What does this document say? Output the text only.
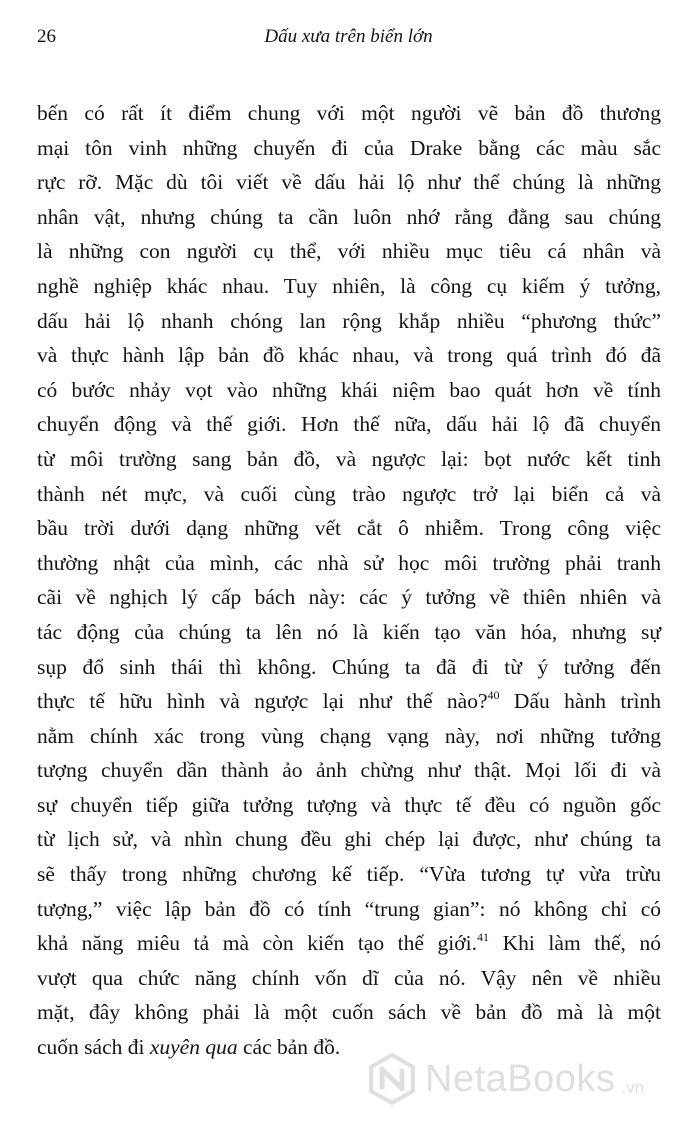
26	Dấu xưa trên biển lớn
bến có rất ít điểm chung với một người vẽ bản đồ thương
mại tôn vinh những chuyến đi của Drake bằng các màu sắc
rực rỡ. Mặc dù tôi viết về dấu hải lộ như thể chúng là những
nhân vật, nhưng chúng ta cần luôn nhớ rằng đằng sau chúng
là những con người cụ thể, với nhiều mục tiêu cá nhân và
nghề nghiệp khác nhau. Tuy nhiên, là công cụ kiếm ý tưởng,
dấu hải lộ nhanh chóng lan rộng khắp nhiều “phương thức”
và thực hành lập bản đồ khác nhau, và trong quá trình đó đã
có bước nhảy vọt vào những khái niệm bao quát hơn về tính
chuyển động và thế giới. Hơn thế nữa, dấu hải lộ đã chuyển
từ môi trường sang bản đồ, và ngược lại: bọt nước kết tinh
thành nét mực, và cuối cùng trào ngược trở lại biển cả và
bầu trời dưới dạng những vết cắt ô nhiễm. Trong công việc
thường nhật của mình, các nhà sử học môi trường phải tranh
cãi về nghịch lý cấp bách này: các ý tưởng về thiên nhiên và
tác động của chúng ta lên nó là kiến tạo văn hóa, nhưng sự
sụp đổ sinh thái thì không. Chúng ta đã đi từ ý tưởng đến
thực tế hữu hình và ngược lại như thế nào?$^{40}$ Dấu hành trình
nằm chính xác trong vùng chạng vạng này, nơi những tưởng
tượng chuyển dần thành ảo ảnh chừng như thật. Mọi lối đi và
sự chuyển tiếp giữa tưởng tượng và thực tế đều có nguồn gốc
từ lịch sử, và nhìn chung đều ghi chép lại được, như chúng ta
sẽ thấy trong những chương kế tiếp. “Vừa tương tự vừa trừu
tượng,” việc lập bản đồ có tính “trung gian”: nó không chỉ có
khả năng miêu tả mà còn kiến tạo thế giới.$^{41}$ Khi làm thế, nó
vượt qua chức năng chính vốn dĩ của nó. Vậy nên về nhiều
mặt, đây không phải là một cuốn sách về bản đồ mà là một
cuốn sách đi xuyên qua các bản đồ.
NetaBooks .vn
